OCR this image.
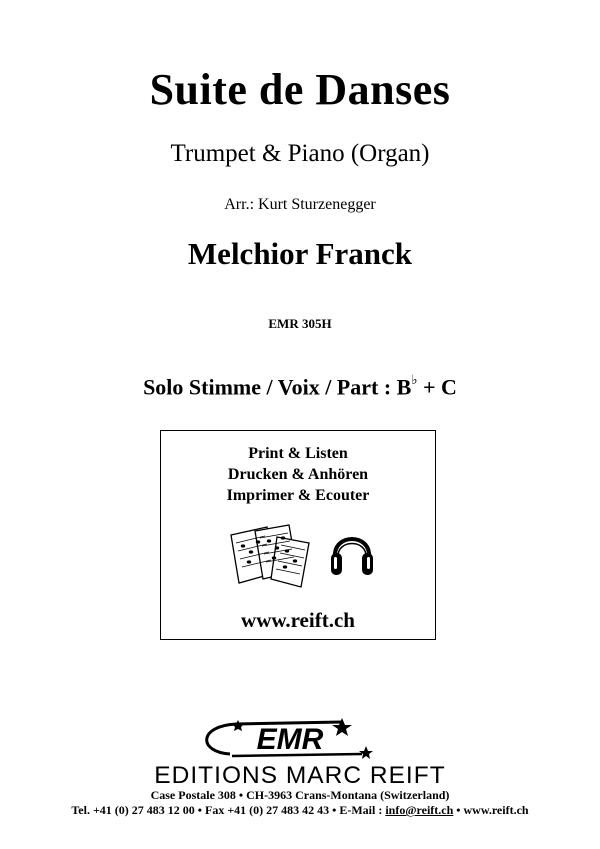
Suite de Danses
Trumpet & Piano (Organ)
Arr.: Kurt Sturzenegger
Melchior Franck
EMR 305H
Solo Stimme / Voix / Part : B♭ + C
Print & Listen
Drucken & Anhören
Imprimer & Ecouter
www.reift.ch
EMR
EDITIONS MARC REIFT
Case Postale 308 • CH-3963 Crans-Montana (Switzerland)
Tel. +41 (0) 27 483 12 00 • Fax +41 (0) 27 483 42 43 • E-Mail : info@reift.ch • www.reift.ch
